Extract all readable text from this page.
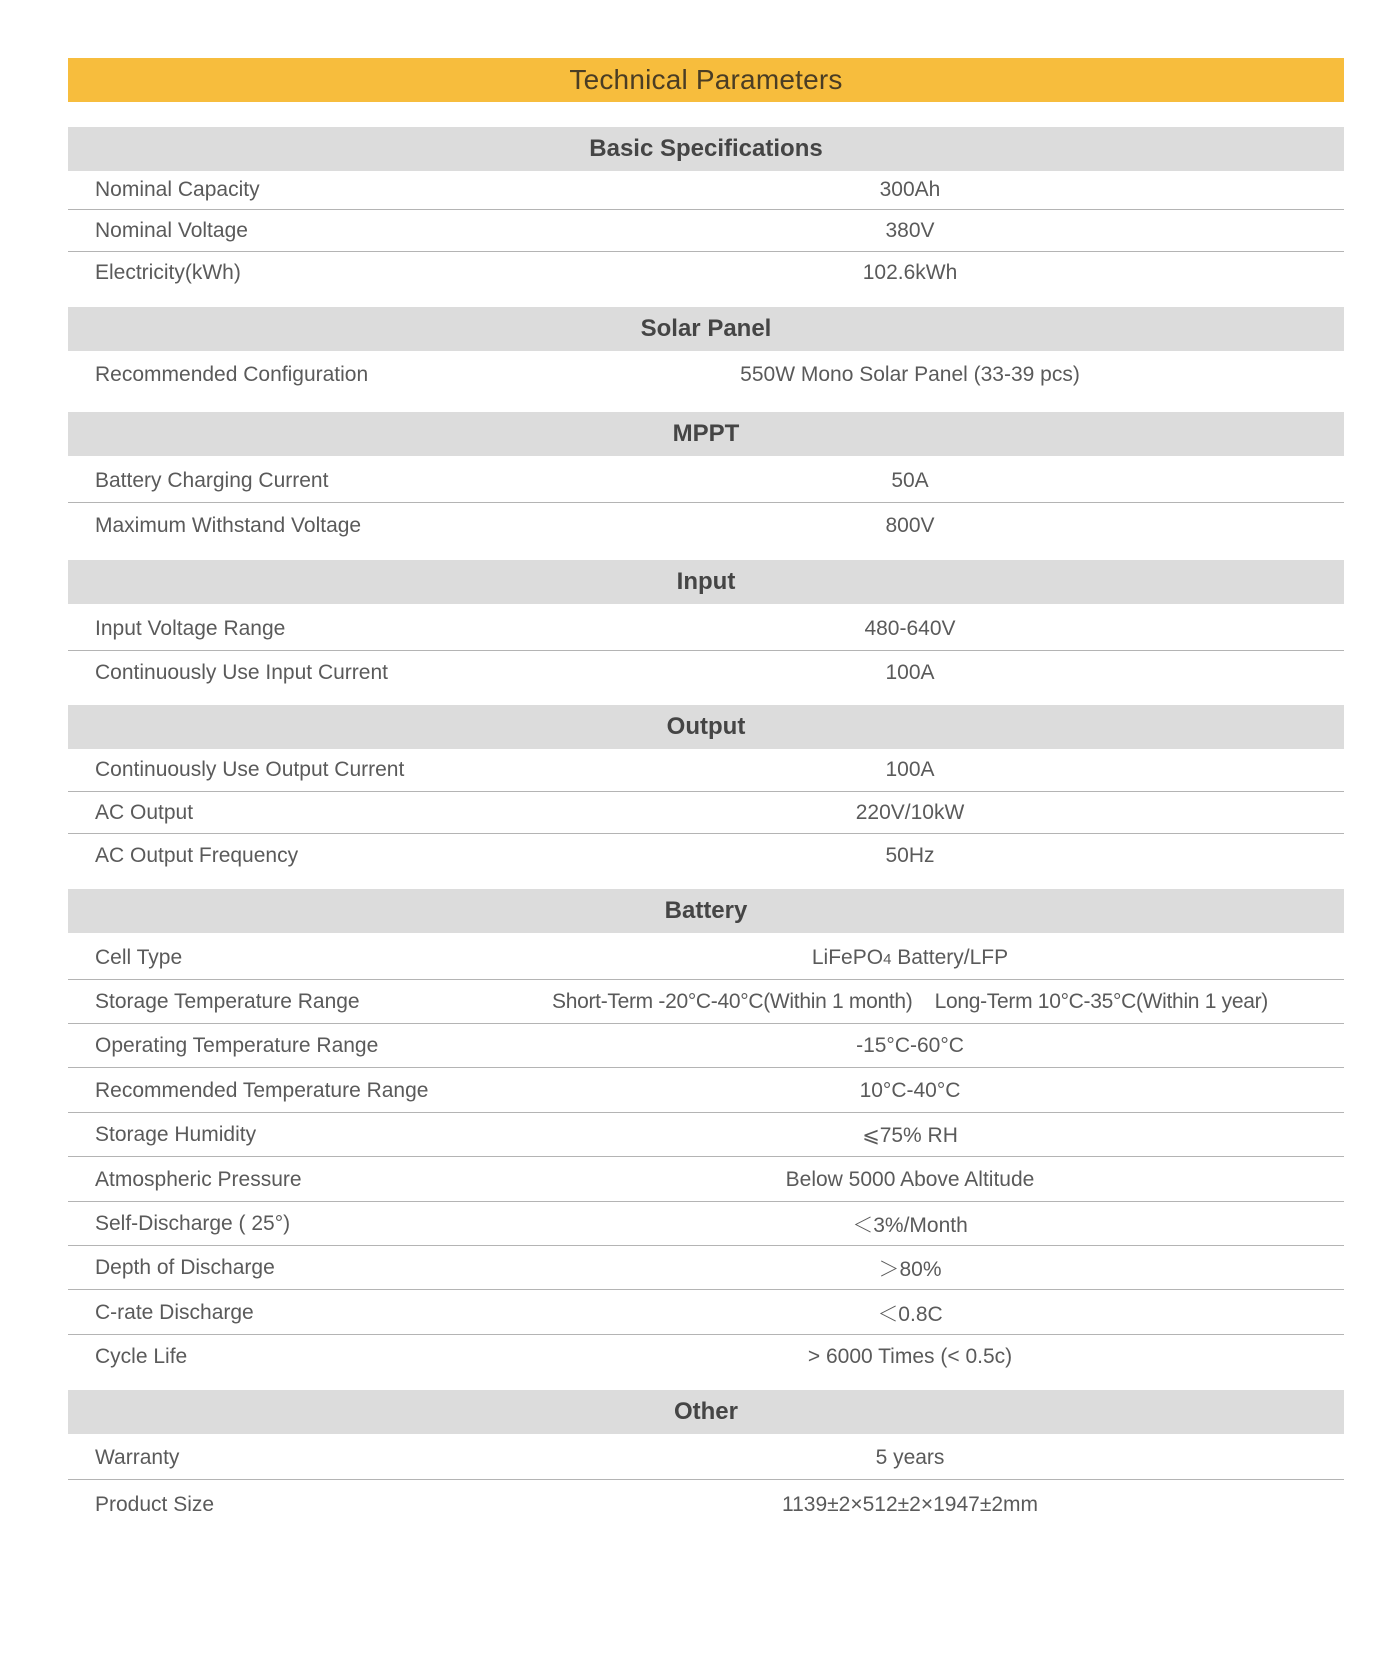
Technical Parameters
Basic Specifications
Nominal Capacity	300Ah
Nominal Voltage	380V
Electricity(kWh)	102.6kWh
Solar Panel
Recommended Configuration	550W Mono Solar Panel (33-39 pcs)
MPPT
Battery Charging Current	50A
Maximum Withstand Voltage	800V
Input
Input Voltage Range	480-640V
Continuously Use Input Current	100A
Output
Continuously Use Output Current	100A
AC Output	220V/10kW
AC Output Frequency	50Hz
Battery
Cell Type	LiFePO4 Battery/LFP
Storage Temperature Range	Short-Term -20°C-40°C(Within 1 month)    Long-Term 10°C-35°C(Within 1 year)
Operating Temperature Range	-15°C-60°C
Recommended Temperature Range	10°C-40°C
Storage Humidity	⩽75% RH
Atmospheric Pressure	Below 5000 Above Altitude
Self-Discharge ( 25°)	＜3%/Month
Depth of Discharge	＞80%
C-rate Discharge	＜0.8C
Cycle Life	> 6000 Times (< 0.5c)
Other
Warranty	5 years
Product Size	1139±2×512±2×1947±2mm
